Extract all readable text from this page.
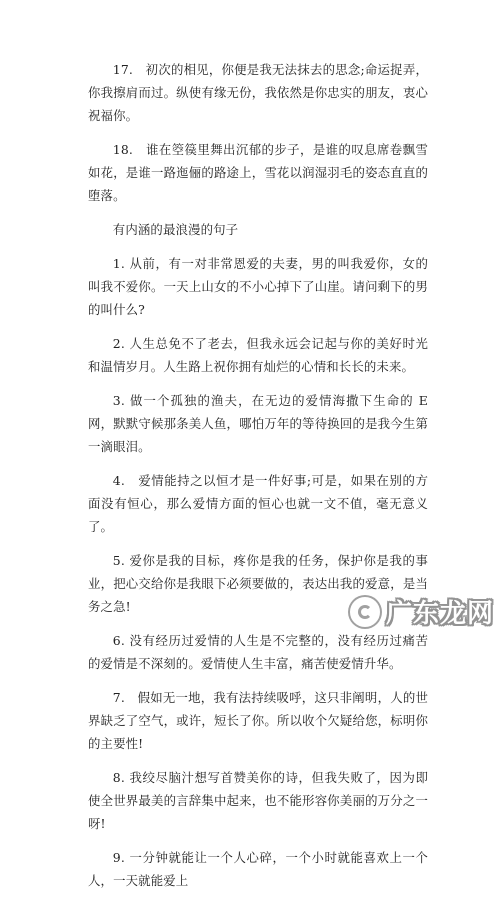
17.　初次的相见，你便是我无法抹去的思念;命运捉弄，你我擦肩而过。纵使有缘无份，我依然是你忠实的朋友，衷心祝福你。

18.　谁在箜篌里舞出沉郁的步子，是谁的叹息席卷飘雪如花，是谁一路迤俪的路途上，雪花以润湿羽毛的姿态直直的堕落。

有内涵的最浪漫的句子

1. 从前，有一对非常恩爱的夫妻，男的叫我爱你，女的叫我不爱你。一天上山女的不小心掉下了山崖。请问剩下的男的叫什么?

2. 人生总免不了老去，但我永远会记起与你的美好时光和温情岁月。人生路上祝你拥有灿烂的心情和长长的未来。

3. 做一个孤独的渔夫，在无边的爱情海撒下生命的 E 网，默默守候那条美人鱼，哪怕万年的等待换回的是我今生第一滴眼泪。

4.　爱情能持之以恒才是一件好事;可是，如果在别的方面没有恒心，那么爱情方面的恒心也就一文不值，毫无意义了。

5. 爱你是我的目标，疼你是我的任务，保护你是我的事业，把心交给你是我眼下必须要做的，表达出我的爱意，是当务之急!

6. 没有经历过爱情的人生是不完整的，没有经历过痛苦的爱情是不深刻的。爱情使人生丰富，痛苦使爱情升华。

7.　假如无一地，我有法持续吸呼，这只非阐明，人的世界缺乏了空气，或许，短长了你。所以收个欠疑给您，标明你的主要性!

8. 我绞尽脑汁想写首赞美你的诗，但我失败了，因为即使全世界最美的言辞集中起来，也不能形容你美丽的万分之一呀!

9. 一分钟就能让一个人心碎，一个小时就能喜欢上一个人，一天就能爱上

广东龙网
